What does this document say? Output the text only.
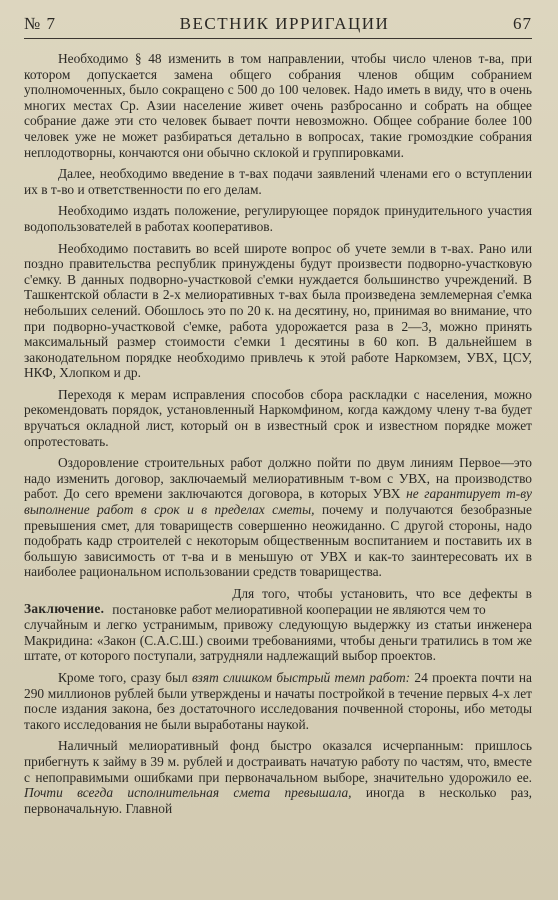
№ 7	ВЕСТНИК ИРРИГАЦИИ	67

Необходимо § 48 изменить в том направлении, чтобы число членов т-ва, при котором допускается замена общего собрания членов общим собранием уполномоченных, было сокращено с 500 до 100 человек. Надо иметь в виду, что в очень многих местах Ср. Азии население живет очень разбросанно и собрать на общее собрание даже эти сто человек бывает почти невозможно. Общее собрание более 100 человек уже не может разбираться детально в вопросах, такие громоздкие собрания неплодотворны, кончаются они обычно склокой и группировками.

Далее, необходимо введение в т-вах подачи заявлений членами его о вступлении их в т-во и ответственности по его делам.

Необходимо издать положение, регулирующее порядок принудительного участия водопользователей в работах кооперативов.

Необходимо поставить во всей широте вопрос об учете земли в т-вах. Рано или поздно правительства республик принуждены будут произвести подворно-участковую с'емку. В данных подворно-участковой с'емки нуждается большинство учреждений. В Ташкентской области в 2-х мелиоративных т-вах была произведена землемерная с'емка небольших селений. Обошлось это по 20 к. на десятину, но, принимая во внимание, что при подворно-участковой с'емке, работа удорожается раза в 2—3, можно принять максимальный размер стоимости с'емки 1 десятины в 60 коп. В дальнейшем в законодательном порядке необходимо привлечь к этой работе Наркомзем, УВХ, ЦСУ, НКФ, Хлопком и др.

Переходя к мерам исправления способов сбора раскладки с населения, можно рекомендовать порядок, установленный Наркомфином, когда каждому члену т-ва будет вручаться окладной лист, который он в известный срок и известном порядке может опротестовать.

Оздоровление строительных работ должно пойти по двум линиям Первое—это надо изменить договор, заключаемый мелиоративным т-вом с УВХ, на производство работ. До сего времени заключаются договора, в которых УВХ не гарантирует т-ву выполнение работ в срок и в пределах сметы, почему и получаются безобразные превышения смет, для товариществ совершенно неожиданно. С другой стороны, надо подобрать кадр строителей с некоторым общественным воспитанием и поставить их в большую зависимость от т-ва и в меньшую от УВХ и как-то заинтересовать их в наиболее рациональном использовании средств товарищества.

Заключение.
Для того, чтобы установить, что все дефекты в постановке работ мелиоративной кооперации не являются чем то
случайным и легко устранимым, привожу следующую выдержку из статьи инженера Макридина: «Закон (С.А.С.Ш.) своими требованиями, чтобы деньги тратились в том же штате, от которого поступали, затрудняли надлежащий выбор проектов.

Кроме того, сразу был взят слишком быстрый темп работ: 24 проекта почти на 290 миллионов рублей были утверждены и начаты постройкой в течение первых 4-х лет после издания закона, без достаточного исследования почвенной стороны, ибо методы такого исследования не были выработаны наукой.

Наличный мелиоративный фонд быстро оказался исчерпанным: пришлось прибегнуть к займу в 39 м. рублей и достраивать начатую работу по частям, что, вместе с непоправимыми ошибками при первоначальном выборе, значительно удорожило ее. Почти всегда исполнительная смета превышала, иногда в несколько раз, первоначальную. Главной
